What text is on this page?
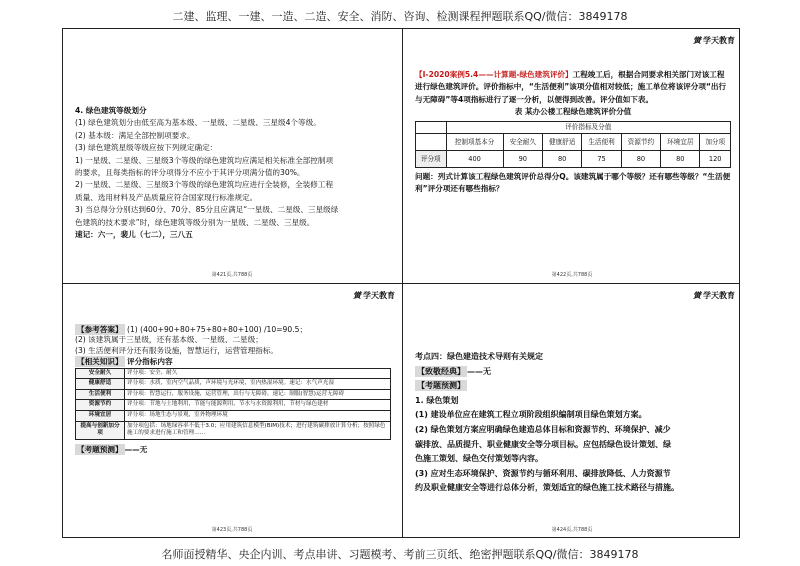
二建、监理、一建、一造、二造、安全、消防、咨询、检测课程押题联系QQ/微信：3849178

4. 绿色建筑等级划分

(1) 绿色建筑划分由低至高为基本级、一星级、二星级、三星级4个等级。

(2) 基本级：满足全部控制项要求。

(3) 绿色建筑星级等级应按下列规定确定：

1) 一星级、二星级、三星级3个等级的绿色建筑均应满足相关标准全部控制项

的要求，且每类指标的评分项得分不应小于其评分项满分值的30%。

2) 一星级、二星级、三星级3个等级的绿色建筑均应进行全装修，全装修工程

质量、选用材料及产品质量应符合国家现行标准规定。

3) 当总得分分别达到60分、70分、85分且应满足“一星级、二星级、三星级绿

色建筑的技术要求”时，绿色建筑等级分别为一星级、二星级、三星级。

速记：六一，裴儿（七二），三八五

第421页,共788页
黉 学天教育

【Ⅰ-2020案例5.4——计算题-绿色建筑评价】工程竣工后，根据合同要求相关部门对该工程进行绿色建筑评价。评价指标中，“生活便利”该项分值相对较低；施工单位将该评分项“出行与无障碍”等4项指标进行了逐一分析，以便得到改善。评分值如下表。

表 某办公楼工程绿色建筑评价分值

	评价指标及分值						
	控制项基本分	安全耐久	健康舒适	生活便利	资源节约	环境宜居	加分项
评分项	400	90	80	75	80	80	120

问题：列式计算该工程绿色建筑评价总得分Q。该建筑属于哪个等级？还有哪些等级？“生活便利”评分项还有哪些指标？

第422页,共788页
黉 学天教育

【参考答案】 (1) (400+90+80+75+80+80+100) /10=90.5；

(2) 该建筑属于三星级，还有基本级、一星级、二星级；

(3) 生活便利评分还有服务设施，智慧运行，运营管理指标。

【相关知识】 评分指标内容

安全耐久	评分项：安全、耐久
健康舒适	评分项：水质，室内空气品质，声环境与光环境，室内热湿环境。速记：水气声光湿
生活便利	评分项：智慧运行，服务设施，运营管理，出行与无障碍。速记：制服(智慧)运营无障碍
资源节约	评分项：节地与土地利用，节能与能源利用，节水与水资源利用，节材与绿色建材
环境宜居	评分项：场地生态与景观，室外物理环境
提高与创新加分项	加分项包括：场地绿容率不低于3.0；应用建筑信息模型(BIM)技术；进行建筑碳排放计算分析；按照绿色施工的要求进行施工和管理……

【考题预测】 ——无

第423页,共788页
黉 学天教育

考点四：绿色建造技术导则有关规定

【致敬经典】 ——无

【考题预测】

1. 绿色策划

(1) 建设单位应在建筑工程立项阶段组织编制项目绿色策划方案。

(2) 绿色策划方案应明确绿色建造总体目标和资源节约、环境保护、减少

碳排放、品质提升、职业健康安全等分项目标。应包括绿色设计策划、绿

色施工策划、绿色交付策划等内容。

(3) 应对生态环境保护、资源节约与循环利用、碳排放降低、人力资源节

约及职业健康安全等进行总体分析，策划适宜的绿色施工技术路径与措施。

第424页,共788页
名师面授精华、央企内训、考点串讲、习题模考、考前三页纸、绝密押题联系QQ/微信：3849178
